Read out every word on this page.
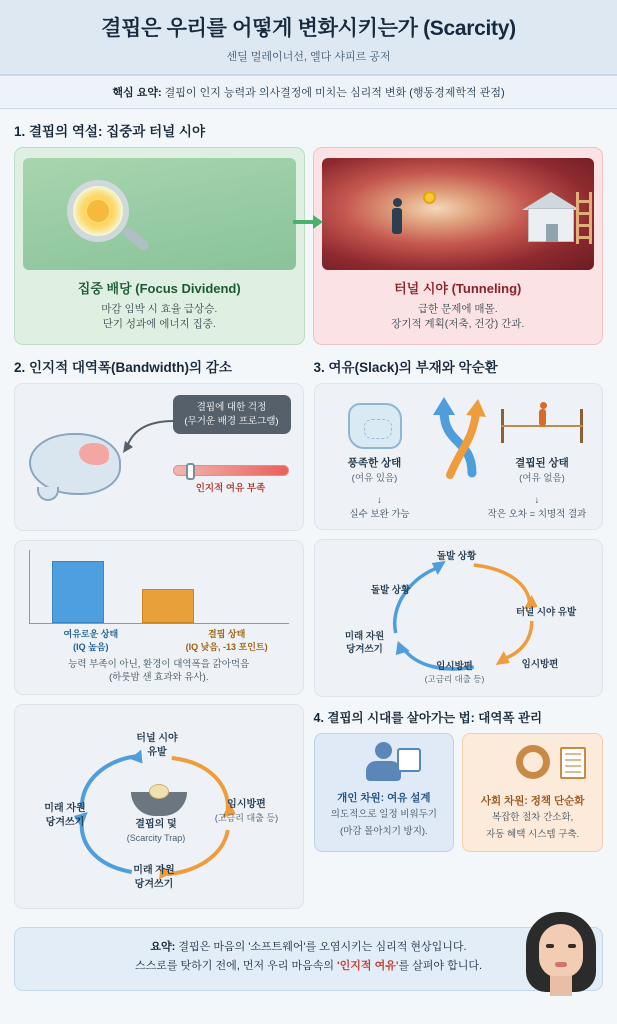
결핍은 우리를 어떻게 변화시키는가 (Scarcity)
센딜 멀레이너선, 엘다 샤피르 공저
핵심 요약: 결핍이 인지 능력과 의사결정에 미치는 심리적 변화 (행동경제학적 관점)
1. 결핍의 역설: 집중과 터널 시야
집중 배당 (Focus Dividend)
마감 임박 시 효율 급상승.
단기 성과에 에너지 집중.
터널 시야 (Tunneling)
급한 문제에 매몰.
장기적 계획(저축, 건강) 간과.
2. 인지적 대역폭(Bandwidth)의 감소
결핍에 대한 걱정
(무거운 배경 프로그램)
인지적 여유 부족
여유로운 상태
(IQ 높음)
결핍 상태
(IQ 낮음, -13 포인트)
능력 부족이 아닌, 환경이 대역폭을 갉아먹음
(하룻밤 샌 효과와 유사).
터널 시야
유발
임시방편
(고금리 대출 등)
미래 자원
당겨쓰기
미래 자원
당겨쓰기
결핍의 덫
(Scarcity Trap)
3. 여유(Slack)의 부재와 악순환
풍족한 상태
(여유 있음)
결핍된 상태
(여유 없음)
↓
실수 보완 가능
↓
작은 오차 = 치명적 결과
돌발 상황
터널 시야 유발
임시방편
임시방편
(고금리 대출 등)
미래 자원
당겨쓰기
돌발 상황
4. 결핍의 시대를 살아가는 법: 대역폭 관리
개인 차원: 여유 설계
의도적으로 일정 비워두기
(마감 몰아치기 방지).
사회 차원: 정책 단순화
복잡한 절차 간소화,
자동 혜택 시스템 구축.
요약: 결핍은 마음의 '소프트웨어'를 오염시키는 심리적 현상입니다.
스스로를 탓하기 전에, 먼저 우리 마음속의 '인지적 여유'를 살펴야 합니다.
